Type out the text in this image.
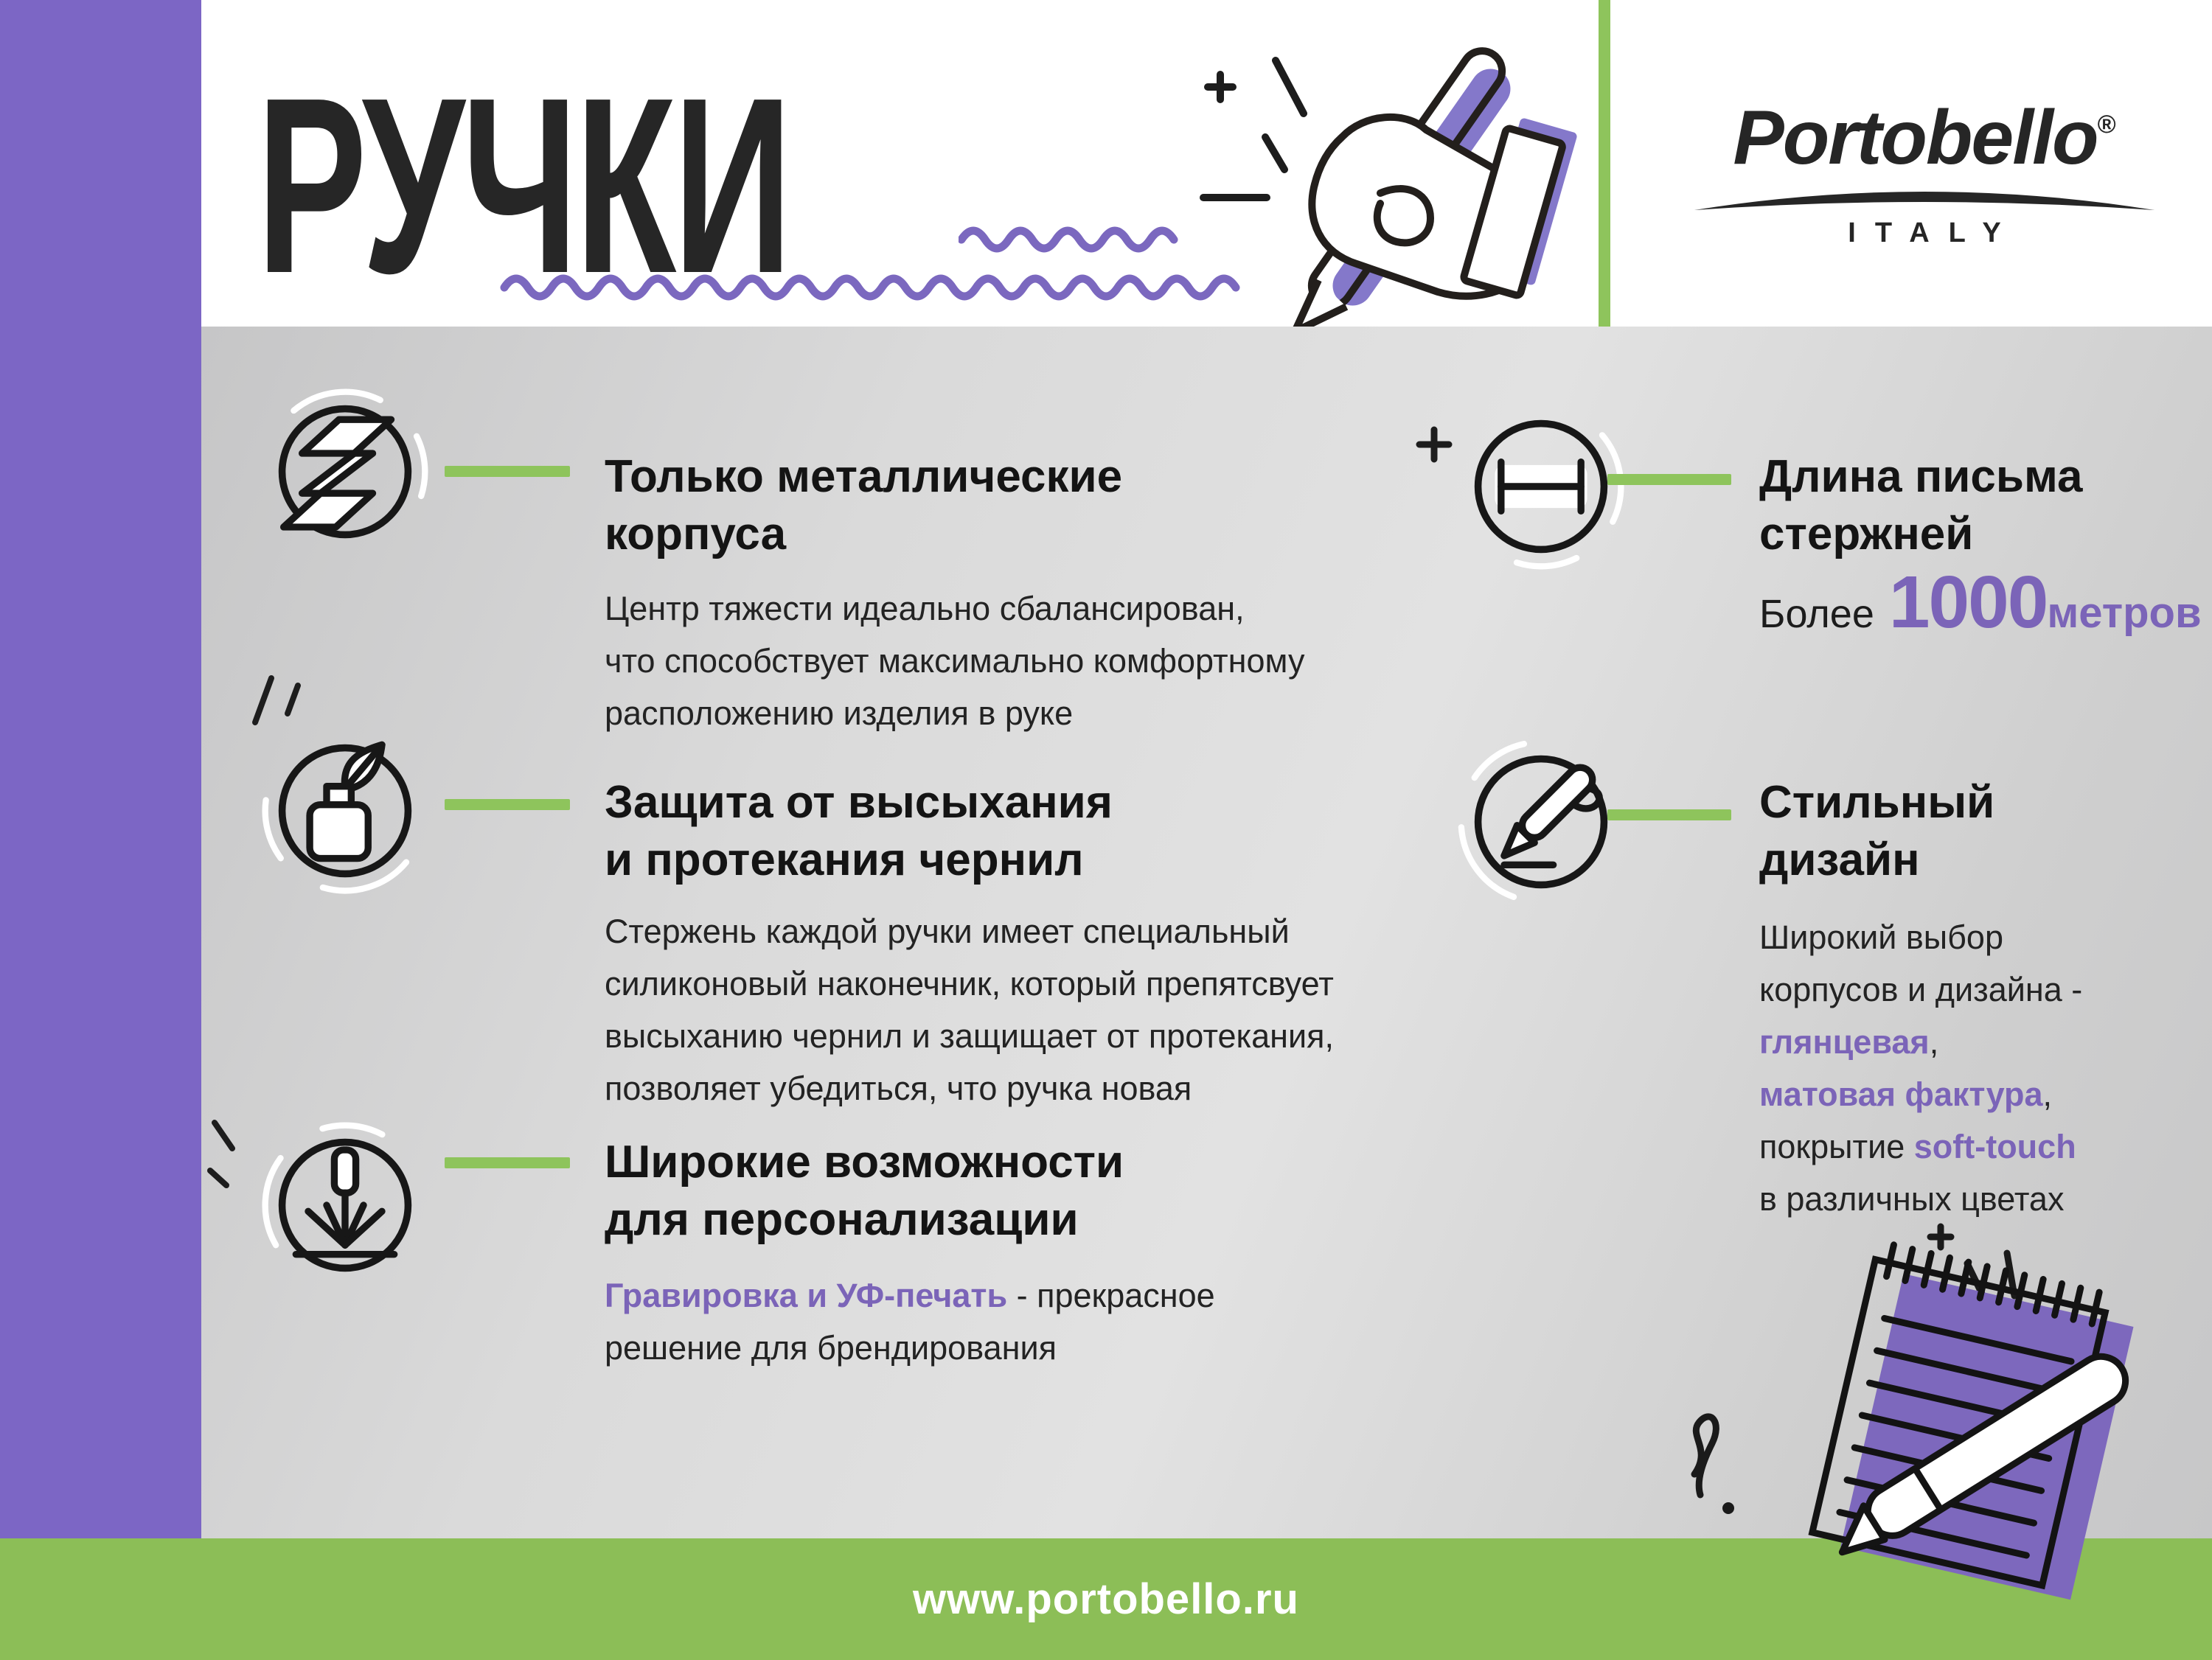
РУЧКИ	Portobello®
ITALY
Только металлические
корпуса
Центр тяжести идеально сбалансирован,
что способствует максимально комфортному
расположению изделия в руке
Защита от высыхания
и протекания чернил
Стержень каждой ручки имеет специальный
силиконовый наконечник, который препятсвует
высыханию чернил и защищает от протекания,
позволяет убедиться, что ручка новая
Широкие возможности
для персонализации
Гравировка и УФ-печать - прекрасное
решение для брендирования
Длина письма
стержней
Более 1000метров
Стильный
дизайн
Широкий выбор
корпусов и дизайна -
глянцевая,
матовая фактура,
покрытие soft-touch
в различных цветах
www.portobello.ru
